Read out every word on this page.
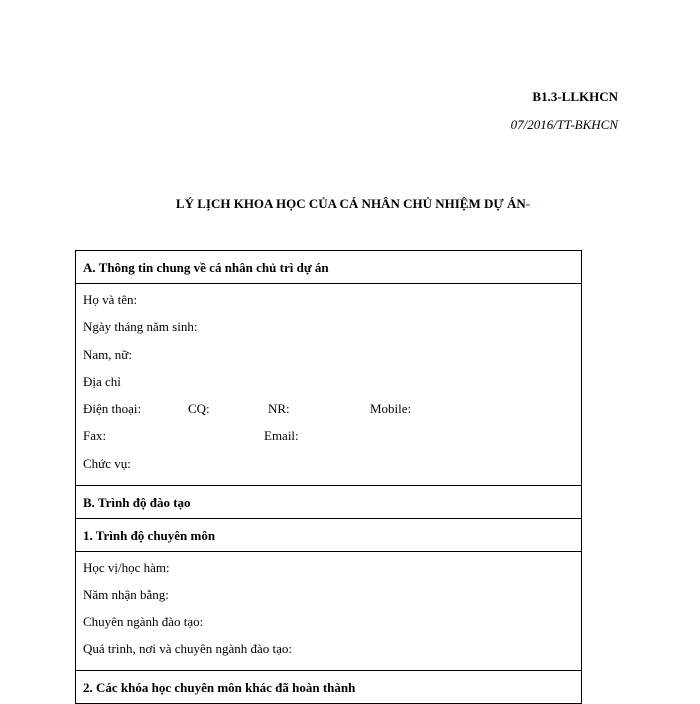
B1.3-LLKHCN
07/2016/TT-BKHCN
LÝ LỊCH KHOA HỌC CỦA CÁ NHÂN CHỦ NHIỆM DỰ ÁN-
A. Thông tin chung về cá nhân chủ trì dự án
Họ và tên:
Ngày tháng năm sinh:
Nam, nữ:
Địa chỉ
Điện thoại:	CQ:	NR:	Mobile:
Fax:	Email:
Chức vụ:
B. Trình độ đào tạo
1. Trình độ chuyên môn
Học vị/học hàm:
Năm nhận bằng:
Chuyên ngành đào tạo:
Quá trình, nơi và chuyên ngành đào tạo:
2. Các khóa học chuyên môn khác đã hoàn thành
